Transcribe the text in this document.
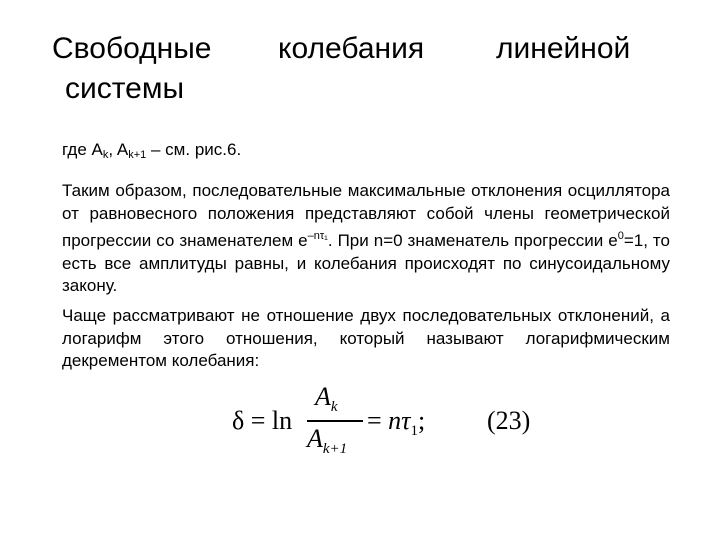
Свободные колебания линейной
системы
где $A_k$, $A_{k+1}$ – см. рис.6.
Таким образом, последовательные максимальные отклонения осциллятора от равновесного положения представляют собой члены геометрической прогрессии со знаменателем $e^{-n\tau_1}$. При n=0 знаменатель прогрессии $e^0=1$, то есть все амплитуды равны, и колебания происходят по синусоидальному закону.
Чаще рассматривают не отношение двух последовательных отклонений, а логарифм этого отношения, который называют логарифмическим декрементом колебания:
δ = ln
$A_k$
$A_{k+1}$
= $n\tau_1$; (23)
